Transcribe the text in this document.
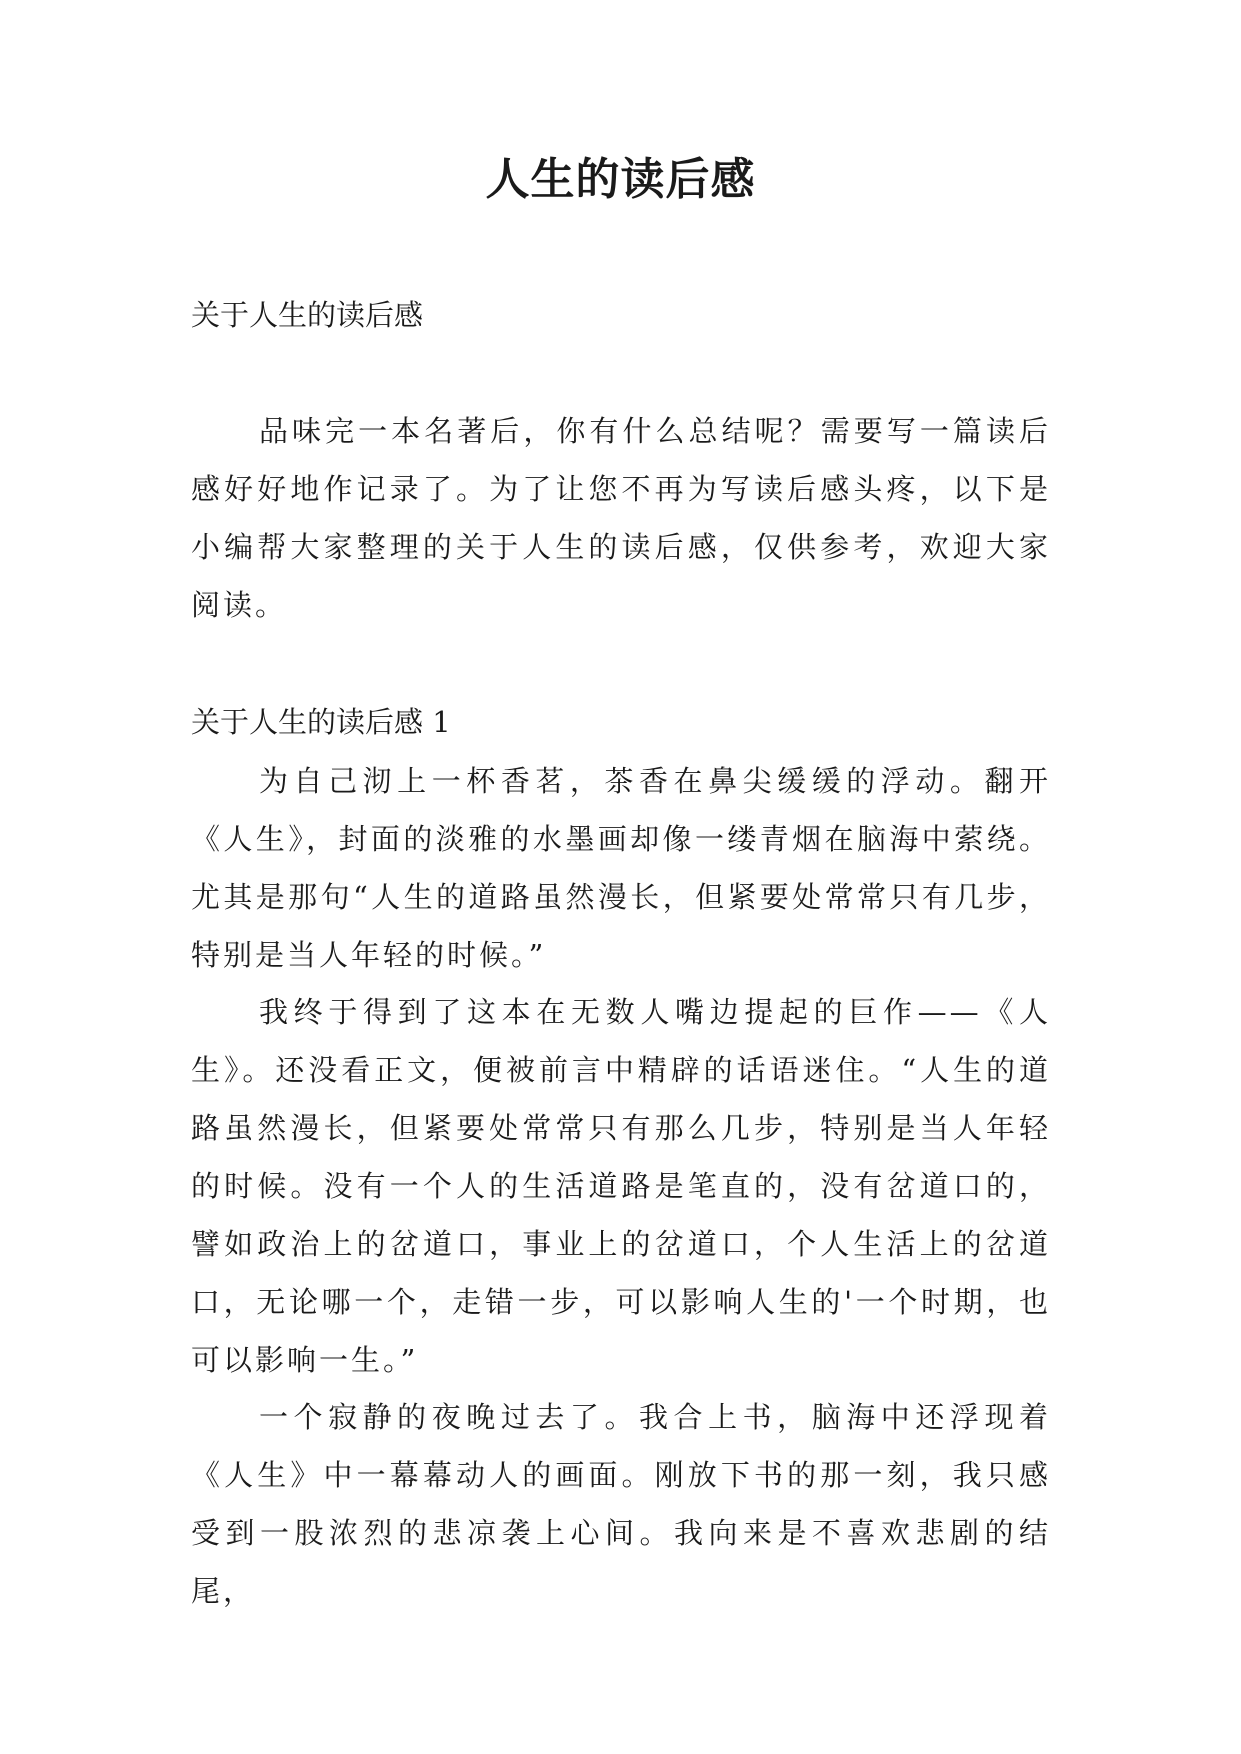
人生的读后感

关于人生的读后感

品味完一本名著后，你有什么总结呢？需要写一篇读后感好好地作记录了。为了让您不再为写读后感头疼，以下是小编帮大家整理的关于人生的读后感，仅供参考，欢迎大家阅读。

关于人生的读后感 1

为自己沏上一杯香茗，茶香在鼻尖缓缓的浮动。翻开《人生》，封面的淡雅的水墨画却像一缕青烟在脑海中萦绕。尤其是那句“人生的道路虽然漫长，但紧要处常常只有几步，特别是当人年轻的时候。”

我终于得到了这本在无数人嘴边提起的巨作——《人生》。还没看正文，便被前言中精辟的话语迷住。“人生的道路虽然漫长，但紧要处常常只有那么几步，特别是当人年轻的时候。没有一个人的生活道路是笔直的，没有岔道口的，譬如政治上的岔道口，事业上的岔道口，个人生活上的岔道口，无论哪一个，走错一步，可以影响人生的'一个时期，也可以影响一生。”

一个寂静的夜晚过去了。我合上书，脑海中还浮现着《人生》中一幕幕动人的画面。刚放下书的那一刻，我只感受到一股浓烈的悲凉袭上心间。我向来是不喜欢悲剧的结尾，
